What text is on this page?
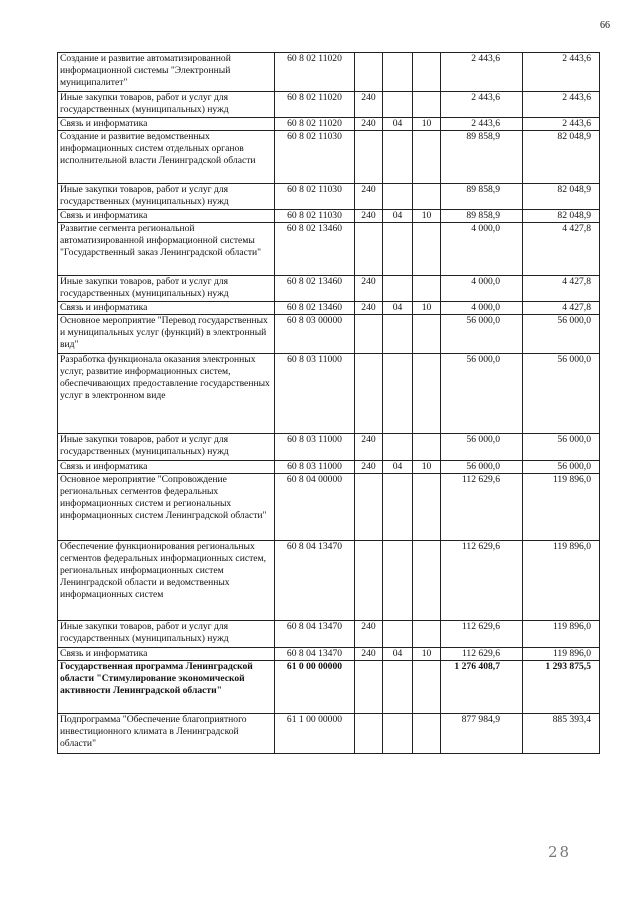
66
Создание и развитие автоматизированной информационной системы "Электронный муниципалитет"	60 8 02 11020				2 443,6	2 443,6
Иные закупки товаров, работ и услуг для государственных (муниципальных) нужд	60 8 02 11020	240			2 443,6	2 443,6
Связь и информатика	60 8 02 11020	240	04	10	2 443,6	2 443,6
Создание и развитие ведомственных информационных систем отдельных органов исполнительной власти Ленинградской области	60 8 02 11030				89 858,9	82 048,9
Иные закупки товаров, работ и услуг для государственных (муниципальных) нужд	60 8 02 11030	240			89 858,9	82 048,9
Связь и информатика	60 8 02 11030	240	04	10	89 858,9	82 048,9
Развитие сегмента региональной автоматизированной информационной системы "Государственный заказ Ленинградской области"	60 8 02 13460				4 000,0	4 427,8
Иные закупки товаров, работ и услуг для государственных (муниципальных) нужд	60 8 02 13460	240			4 000,0	4 427,8
Связь и информатика	60 8 02 13460	240	04	10	4 000,0	4 427,8
Основное мероприятие "Перевод государственных и муниципальных услуг (функций) в электронный вид"	60 8 03 00000				56 000,0	56 000,0
Разработка функционала оказания электронных услуг, развитие информационных систем, обеспечивающих предоставление государственных услуг в электронном виде	60 8 03 11000				56 000,0	56 000,0
Иные закупки товаров, работ и услуг для государственных (муниципальных) нужд	60 8 03 11000	240			56 000,0	56 000,0
Связь и информатика	60 8 03 11000	240	04	10	56 000,0	56 000,0
Основное мероприятие "Сопровождение региональных сегментов федеральных информационных систем и региональных информационных систем Ленинградской области"	60 8 04 00000				112 629,6	119 896,0
Обеспечение функционирования региональных сегментов федеральных информационных систем, региональных информационных систем Ленинградской области и ведомственных информационных систем	60 8 04 13470				112 629,6	119 896,0
Иные закупки товаров, работ и услуг для государственных (муниципальных) нужд	60 8 04 13470	240			112 629,6	119 896,0
Связь и информатика	60 8 04 13470	240	04	10	112 629,6	119 896,0
Государственная программа Ленинградской области "Стимулирование экономической активности Ленинградской области"	61 0 00 00000				1 276 408,7	1 293 875,5
Подпрограмма "Обеспечение благоприятного инвестиционного климата в Ленинградской области"	61 1 00 00000				877 984,9	885 393,4
28
